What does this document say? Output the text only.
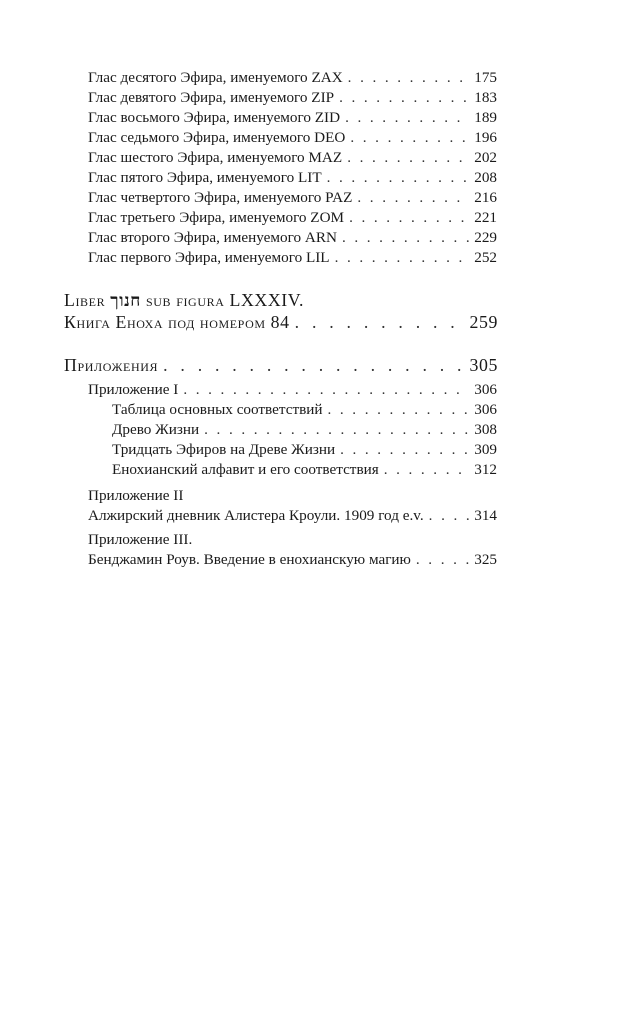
Глас десятого Эфира, именуемого ZAX . . .	175
Глас девятого Эфира, именуемого ZIP . . .	183
Глас восьмого Эфира, именуемого ZID . . .	189
Глас седьмого Эфира, именуемого DEO . . .	196
Глас шестого Эфира, именуемого MAZ . . .	202
Глас пятого Эфира, именуемого LIT . . .	208
Глас четвертого Эфира, именуемого PAZ . . .	216
Глас третьего Эфира, именуемого ZOM . . .	221
Глас второго Эфира, именуемого ARN . . .	229
Глас первого Эфира, именуемого LIL . . .	252
Liber חנוך sub figura LXXXIV.
Книга Еноха под номером 84 . . .	259
Приложения . . .	305
Приложение I . . .	306
Таблица основных соответствий . . .	306
Древо Жизни . . .	308
Тридцать Эфиров на Древе Жизни . . .	309
Енохианский алфавит и его соответствия . . .	312
Приложение II
Алжирский дневник Алистера Кроули. 1909 год e.v. . . .	314
Приложение III.
Бенджамин Роув. Введение в енохианскую магию . . .	325
